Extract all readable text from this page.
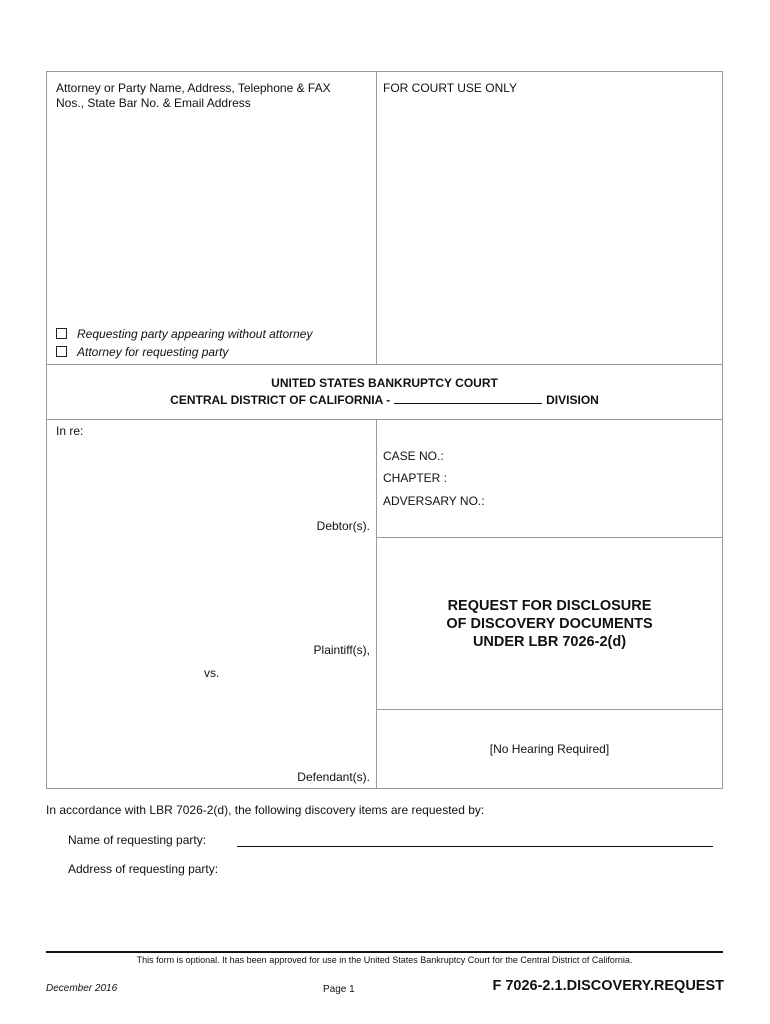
Attorney or Party Name, Address, Telephone & FAX
Nos., State Bar No. & Email Address
Requesting party appearing without attorney
Attorney for requesting party
FOR COURT USE ONLY
UNITED STATES BANKRUPTCY COURT
CENTRAL DISTRICT OF CALIFORNIA -	DIVISION
In re:
Debtor(s).
Plaintiff(s),
vs.
Defendant(s).
CASE NO.:
CHAPTER :
ADVERSARY NO.:
REQUEST FOR DISCLOSURE
OF DISCOVERY DOCUMENTS
UNDER LBR 7026-2(d)
[No Hearing Required]
In accordance with LBR 7026-2(d), the following discovery items are requested by:
Name of requesting party:
Address of requesting party:
This form is optional. It has been approved for use in the United States Bankruptcy Court for the Central District of California.
December 2016	Page 1	F 7026-2.1.DISCOVERY.REQUEST
